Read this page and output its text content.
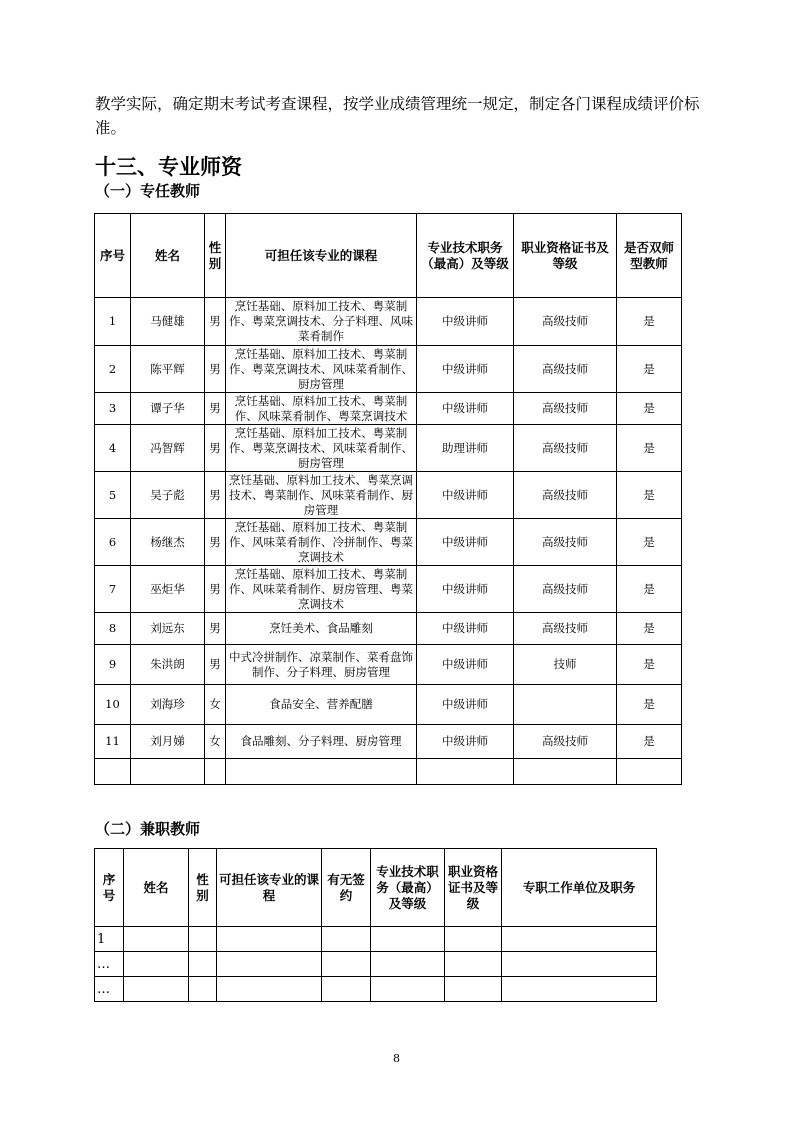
教学实际，确定期末考试考查课程，按学业成绩管理统一规定，制定各门课程成绩评价标准。

十三、专业师资
（一）专任教师
序号	姓名	性别	可担任该专业的课程	专业技术职务（最高）及等级	职业资格证书及等级	是否双师型教师
1	马健雄	男	烹饪基础、原料加工技术、粤菜制作、粤菜烹调技术、分子料理、风味菜肴制作	中级讲师	高级技师	是
2	陈平辉	男	烹饪基础、原料加工技术、粤菜制作、粤菜烹调技术、风味菜肴制作、厨房管理	中级讲师	高级技师	是
3	谭子华	男	烹饪基础、原料加工技术、粤菜制作、风味菜肴制作、粤菜烹调技术	中级讲师	高级技师	是
4	冯智辉	男	烹饪基础、原料加工技术、粤菜制作、粤菜烹调技术、风味菜肴制作、厨房管理	助理讲师	高级技师	是
5	吴子彪	男	烹饪基础、原料加工技术、粤菜烹调技术、粤菜制作、风味菜肴制作、厨房管理	中级讲师	高级技师	是
6	杨继杰	男	烹饪基础、原料加工技术、粤菜制作、风味菜肴制作、冷拼制作、粤菜烹调技术	中级讲师	高级技师	是
7	巫炬华	男	烹饪基础、原料加工技术、粤菜制作、风味菜肴制作、厨房管理、粤菜烹调技术	中级讲师	高级技师	是
8	刘远东	男	烹饪美术、食品雕刻	中级讲师	高级技师	是
9	朱洪朗	男	中式冷拼制作、凉菜制作、菜肴盘饰制作、分子料理、厨房管理	中级讲师	技师	是
10	刘海珍	女	食品安全、营养配膳	中级讲师		是
11	刘月娣	女	食品雕刻、分子料理、厨房管理	中级讲师	高级技师	是

（二）兼职教师
序号	姓名	性别	可担任该专业的课程	有无签约	专业技术职务（最高）及等级	职业资格证书及等级	专职工作单位及职务
1							
…							
…							
8
